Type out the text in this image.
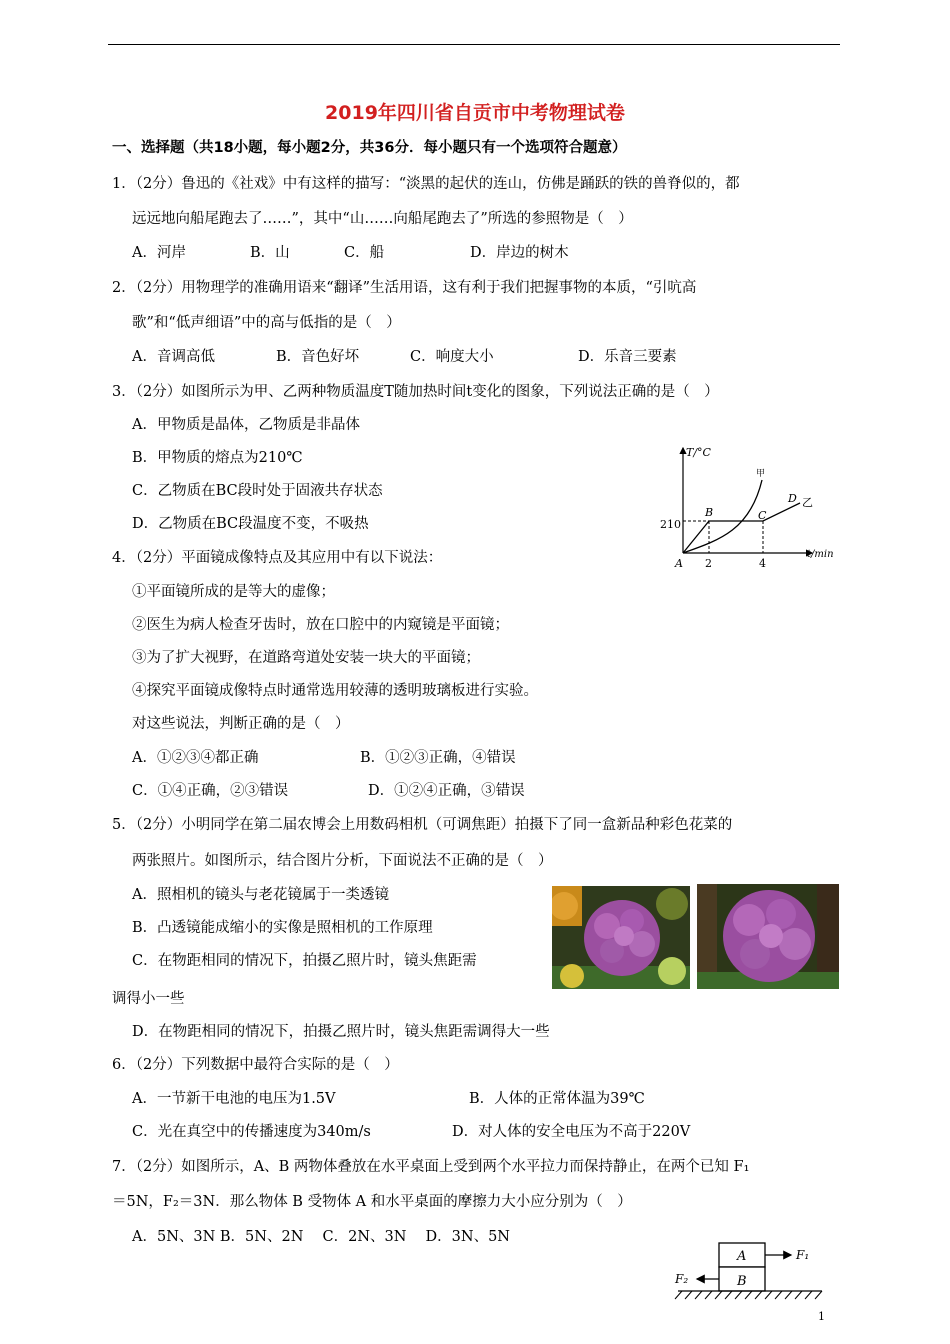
2019年四川省自贡市中考物理试卷
一、选择题（共18小题，每小题2分，共36分．每小题只有一个选项符合题意）
1．（2分）鲁迅的《社戏》中有这样的描写：“淡黑的起伏的连山，仿佛是踊跃的铁的兽脊似的，都
远远地向船尾跑去了……”，其中“山……向船尾跑去了”所选的参照物是（　）
A．河岸	B．山	C．船	D．岸边的树木
2．（2分）用物理学的准确用语来“翻译”生活用语，这有利于我们把握事物的本质，“引吭高
歌”和“低声细语”中的高与低指的是（　）
A．音调高低	B．音色好坏	C．响度大小	D．乐音三要素
3．（2分）如图所示为甲、乙两种物质温度T随加热时间t变化的图象，下列说法正确的是（　）
A．甲物质是晶体，乙物质是非晶体
B．甲物质的熔点为210℃
C．乙物质在BC段时处于固液共存状态
D．乙物质在BC段温度不变，不吸热
T/°C
t/min
210
2	4
A
B	C
D 乙
甲
4．（2分）平面镜成像特点及其应用中有以下说法：
①平面镜所成的是等大的虚像；
②医生为病人检查牙齿时，放在口腔中的内窥镜是平面镜；
③为了扩大视野，在道路弯道处安装一块大的平面镜；
④探究平面镜成像特点时通常选用较薄的透明玻璃板进行实验。
对这些说法，判断正确的是（　）
A．①②③④都正确	B．①②③正确，④错误
C．①④正确，②③错误	D．①②④正确，③错误
5．（2分）小明同学在第二届农博会上用数码相机（可调焦距）拍摄下了同一盒新品种彩色花菜的
两张照片。如图所示，结合图片分析，下面说法不正确的是（　）
A．照相机的镜头与老花镜属于一类透镜
B．凸透镜能成缩小的实像是照相机的工作原理
C．在物距相同的情况下，拍摄乙照片时，镜头焦距需
调得小一些
D．在物距相同的情况下，拍摄乙照片时，镜头焦距需调得大一些
6．（2分）下列数据中最符合实际的是（　）
A．一节新干电池的电压为1.5V	B．人体的正常体温为39℃
C．光在真空中的传播速度为340m/s	D．对人体的安全电压为不高于220V
7．（2分）如图所示，A、B 两物体叠放在水平桌面上受到两个水平拉力而保持静止，在两个已知 F₁
＝5N，F₂＝3N．那么物体 B 受物体 A 和水平桌面的摩擦力大小应分别为（　）
A．5N、3N B．5N、2N　 C．2N、3N　 D．3N、5N
A
B
F₁
F₂
1
